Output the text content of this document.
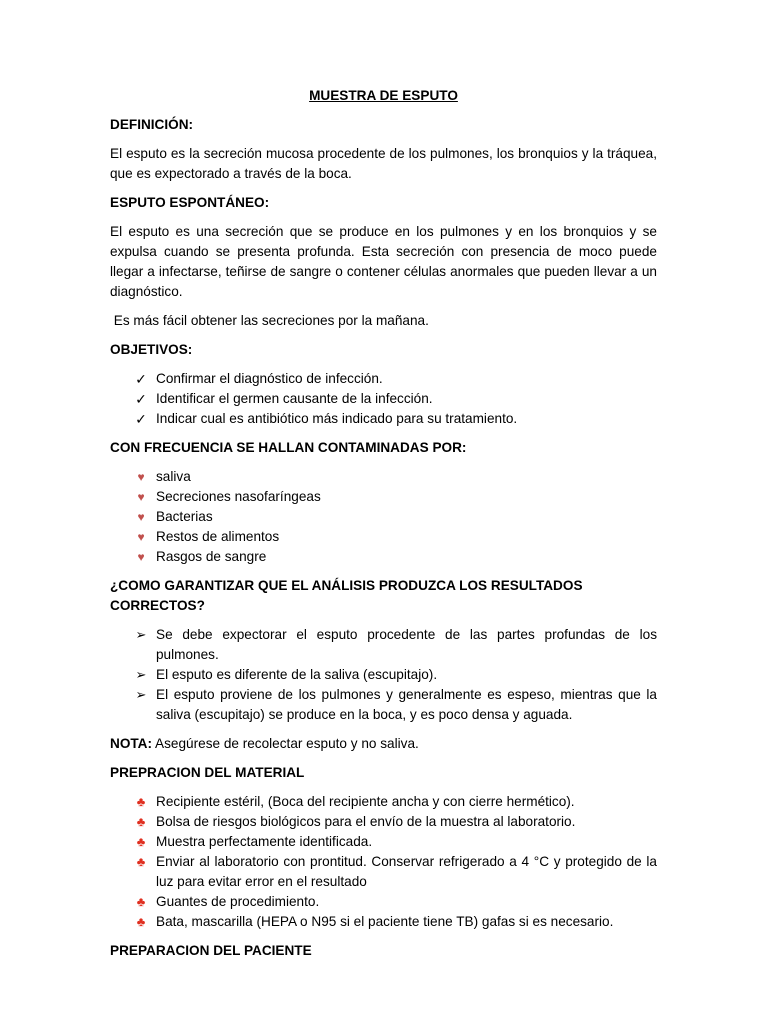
MUESTRA DE ESPUTO
DEFINICIÓN:
El esputo es la secreción mucosa procedente de los pulmones, los bronquios y la tráquea, que es expectorado a través de la boca.
ESPUTO ESPONTÁNEO:
El esputo es una secreción que se produce en los pulmones y en los bronquios y se expulsa cuando se presenta profunda. Esta secreción con presencia de moco puede llegar a infectarse, teñirse de sangre o contener células anormales que pueden llevar a un diagnóstico.
Es más fácil obtener las secreciones por la mañana.
OBJETIVOS:
✓ Confirmar el diagnóstico de infección.
✓ Identificar el germen causante de la infección.
✓ Indicar cual es antibiótico más indicado para su tratamiento.
CON FRECUENCIA SE HALLAN CONTAMINADAS POR:
♥ saliva
♥ Secreciones nasofaríngeas
♥ Bacterias
♥ Restos de alimentos
♥ Rasgos de sangre
¿COMO GARANTIZAR QUE EL ANÁLISIS PRODUZCA LOS RESULTADOS CORRECTOS?
➢ Se debe expectorar el esputo procedente de las partes profundas de los pulmones.
➢ El esputo es diferente de la saliva (escupitajo).
➢ El esputo proviene de los pulmones y generalmente es espeso, mientras que la saliva (escupitajo) se produce en la boca, y es poco densa y aguada.
NOTA: Asegúrese de recolectar esputo y no saliva.
PREPRACION DEL MATERIAL
♣ Recipiente estéril, (Boca del recipiente ancha y con cierre hermético).
♣ Bolsa de riesgos biológicos para el envío de la muestra al laboratorio.
♣ Muestra perfectamente identificada.
♣ Enviar al laboratorio con prontitud. Conservar refrigerado a 4 °C y protegido de la luz para evitar error en el resultado
♣ Guantes de procedimiento.
♣ Bata, mascarilla (HEPA o N95 si el paciente tiene TB) gafas si es necesario.
PREPARACION DEL PACIENTE
